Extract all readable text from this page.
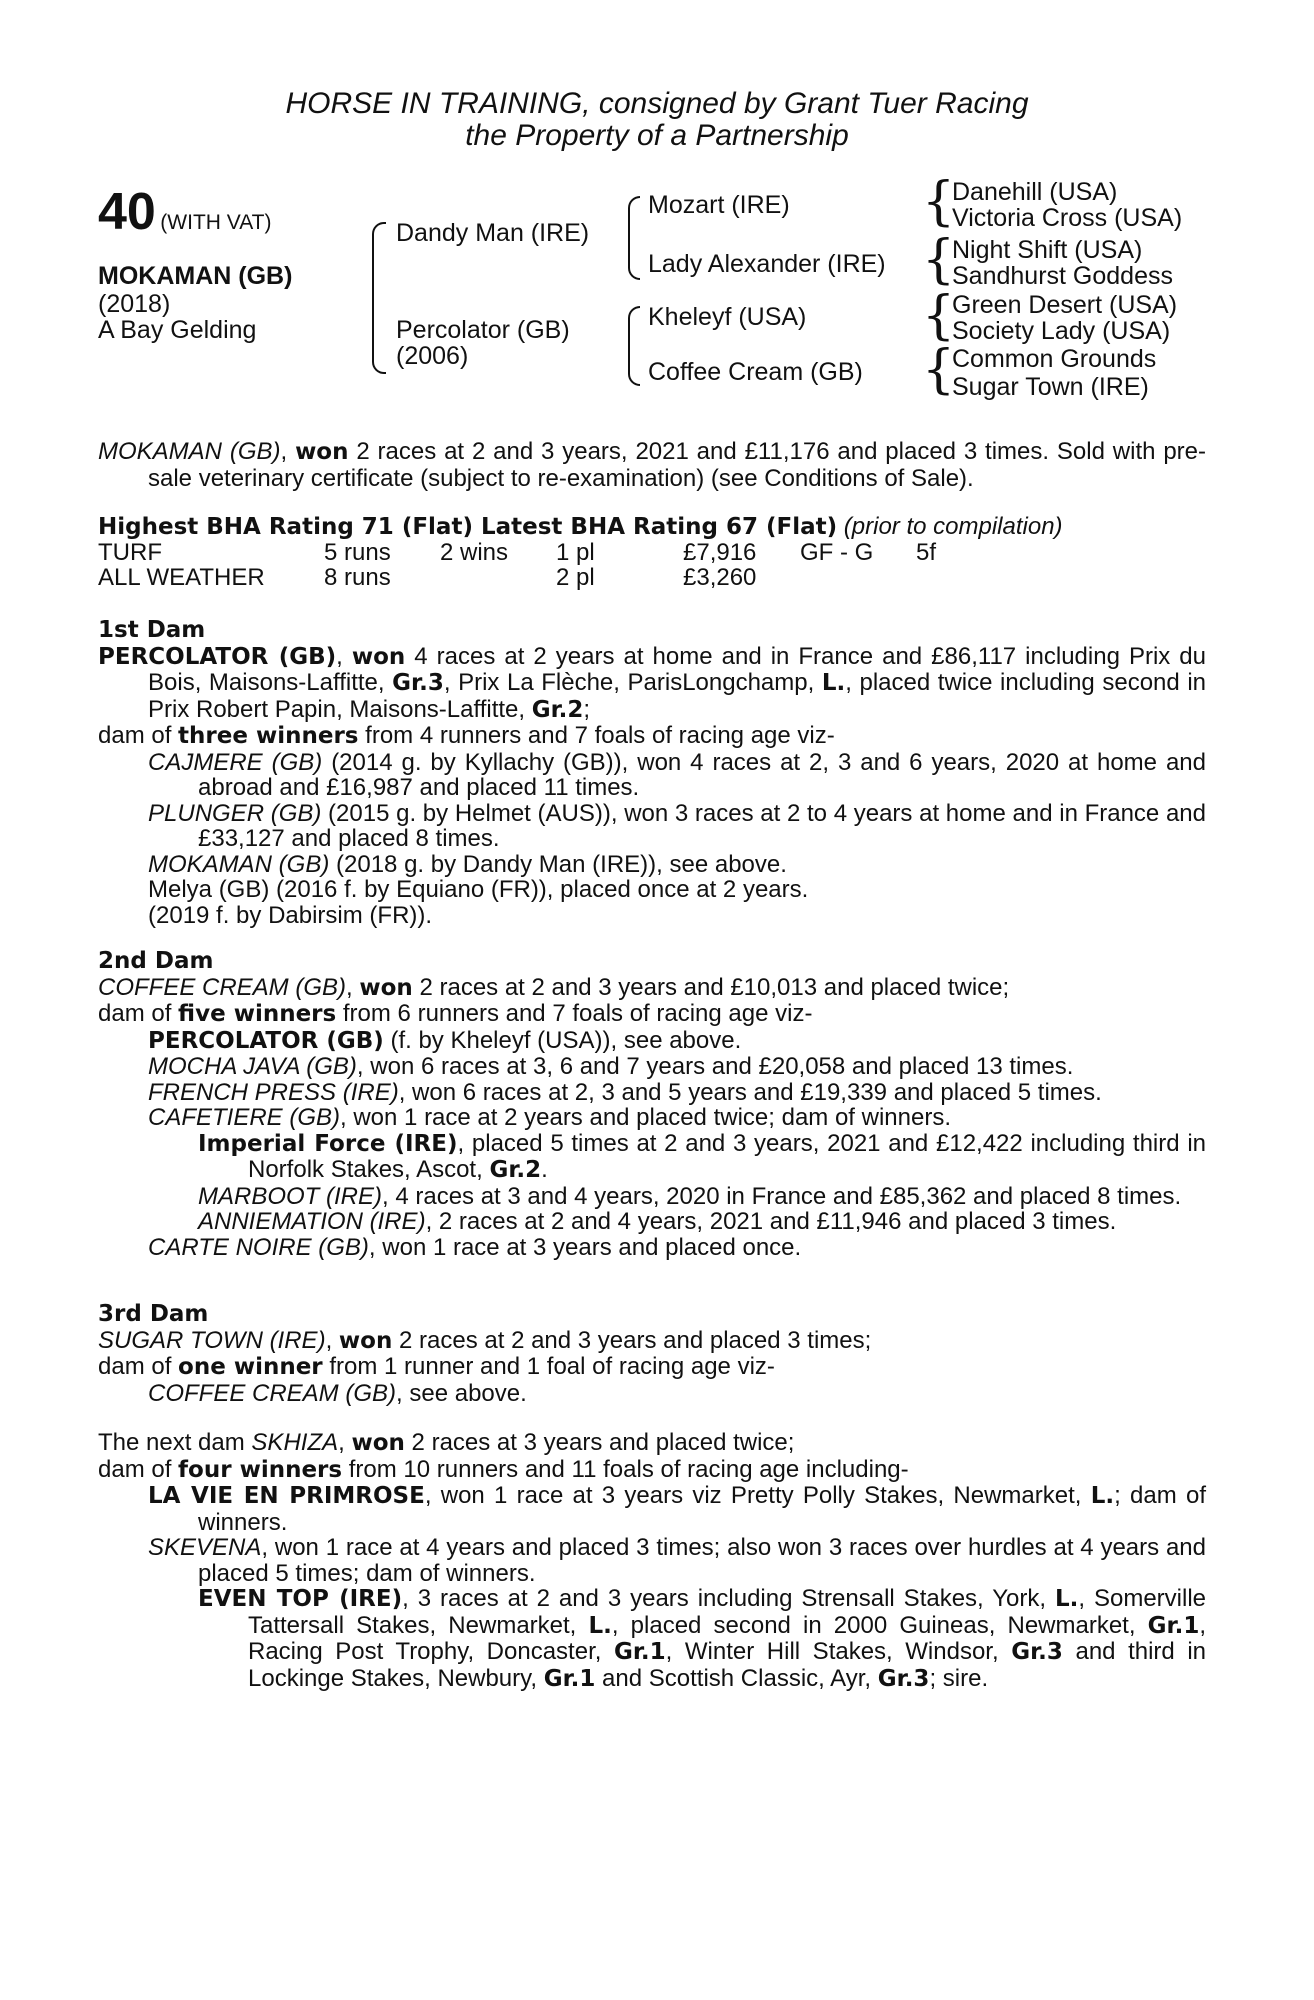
HORSE IN TRAINING, consigned by Grant Tuer Racing
the Property of a Partnership
40 (WITH VAT)
MOKAMAN (GB)
(2018)
A Bay Gelding
Dandy Man (IRE)
Percolator (GB)
(2006)
Mozart (IRE)
Lady Alexander (IRE)
Kheleyf (USA)
Coffee Cream (GB)
{
{
{
{
Danehill (USA)
Victoria Cross (USA)
Night Shift (USA)
Sandhurst Goddess
Green Desert (USA)
Society Lady (USA)
Common Grounds
Sugar Town (IRE)

MOKAMAN (GB), won 2 races at 2 and 3 years, 2021 and £11,176 and placed 3 times. Sold with pre-sale veterinary certificate (subject to re-examination) (see Conditions of Sale).

Highest BHA Rating 71 (Flat) Latest BHA Rating 67 (Flat) (prior to compilation)

TURF	5 runs 2 wins 1 pl	£7,916 GF - G 5f
ALL WEATHER 8 runs	2 pl	£3,260

1st Dam

PERCOLATOR (GB), won 4 races at 2 years at home and in France and £86,117 including Prix du Bois, Maisons-Laffitte, Gr.3, Prix La Flèche, ParisLongchamp, L., placed twice including second in Prix Robert Papin, Maisons-Laffitte, Gr.2;

dam of three winners from 4 runners and 7 foals of racing age viz-

CAJMERE (GB) (2014 g. by Kyllachy (GB)), won 4 races at 2, 3 and 6 years, 2020 at home and abroad and £16,987 and placed 11 times.

PLUNGER (GB) (2015 g. by Helmet (AUS)), won 3 races at 2 to 4 years at home and in France and £33,127 and placed 8 times.

MOKAMAN (GB) (2018 g. by Dandy Man (IRE)), see above.

Melya (GB) (2016 f. by Equiano (FR)), placed once at 2 years.

(2019 f. by Dabirsim (FR)).

2nd Dam

COFFEE CREAM (GB), won 2 races at 2 and 3 years and £10,013 and placed twice;

dam of five winners from 6 runners and 7 foals of racing age viz-

PERCOLATOR (GB) (f. by Kheleyf (USA)), see above.

MOCHA JAVA (GB), won 6 races at 3, 6 and 7 years and £20,058 and placed 13 times.

FRENCH PRESS (IRE), won 6 races at 2, 3 and 5 years and £19,339 and placed 5 times.

CAFETIERE (GB), won 1 race at 2 years and placed twice; dam of winners.

Imperial Force (IRE), placed 5 times at 2 and 3 years, 2021 and £12,422 including third in Norfolk Stakes, Ascot, Gr.2.

MARBOOT (IRE), 4 races at 3 and 4 years, 2020 in France and £85,362 and placed 8 times.

ANNIEMATION (IRE), 2 races at 2 and 4 years, 2021 and £11,946 and placed 3 times.

CARTE NOIRE (GB), won 1 race at 3 years and placed once.

3rd Dam

SUGAR TOWN (IRE), won 2 races at 2 and 3 years and placed 3 times;

dam of one winner from 1 runner and 1 foal of racing age viz-

COFFEE CREAM (GB), see above.

The next dam SKHIZA, won 2 races at 3 years and placed twice;

dam of four winners from 10 runners and 11 foals of racing age including-

LA VIE EN PRIMROSE, won 1 race at 3 years viz Pretty Polly Stakes, Newmarket, L.; dam of winners.

SKEVENA, won 1 race at 4 years and placed 3 times; also won 3 races over hurdles at 4 years and placed 5 times; dam of winners.

EVEN TOP (IRE), 3 races at 2 and 3 years including Strensall Stakes, York, L., Somerville Tattersall Stakes, Newmarket, L., placed second in 2000 Guineas, Newmarket, Gr.1, Racing Post Trophy, Doncaster, Gr.1, Winter Hill Stakes, Windsor, Gr.3 and third in Lockinge Stakes, Newbury, Gr.1 and Scottish Classic, Ayr, Gr.3; sire.
